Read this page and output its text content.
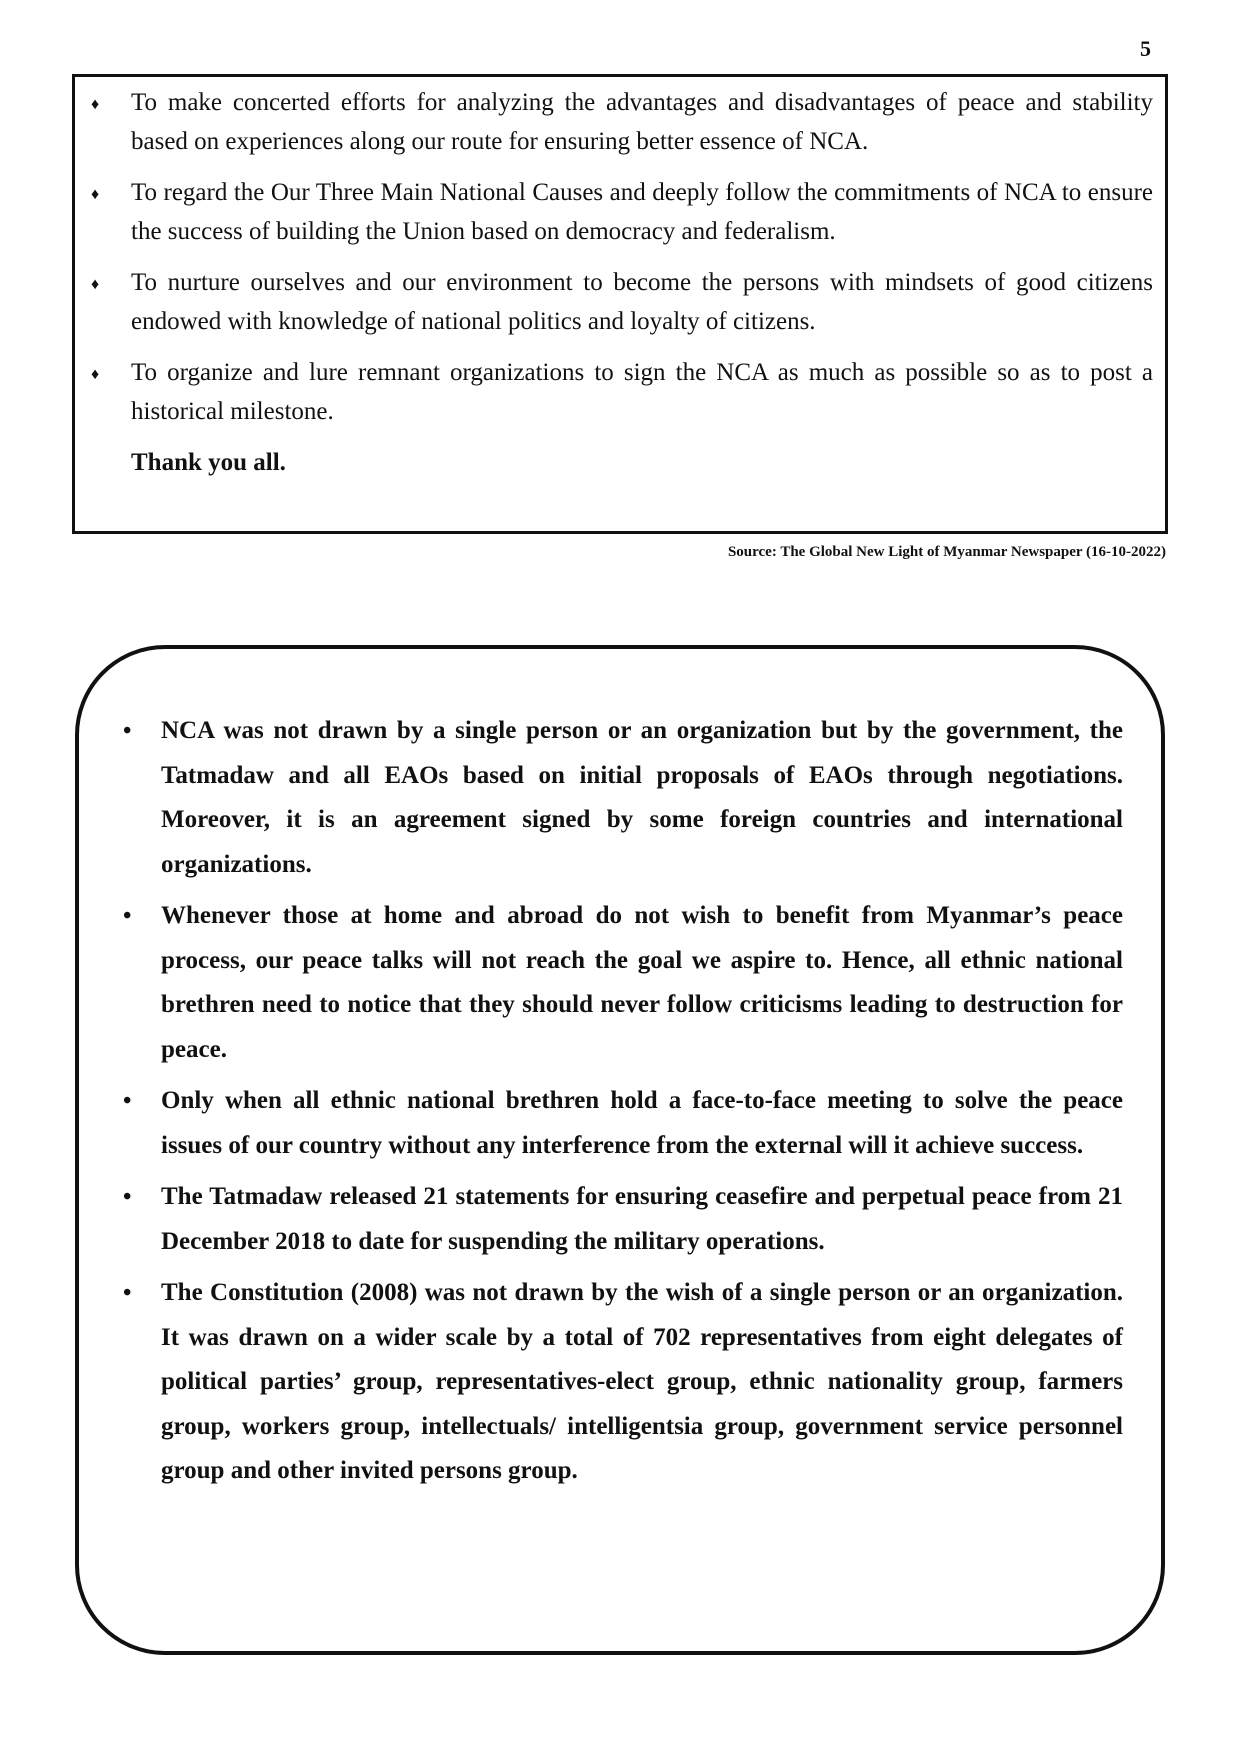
5
♦ To make concerted efforts for analyzing the advantages and disadvantages of peace and stability based on experiences along our route for ensuring better essence of NCA.
♦ To regard the Our Three Main National Causes and deeply follow the commitments of NCA to ensure the success of building the Union based on democracy and federalism.
♦ To nurture ourselves and our environment to become the persons with mindsets of good citizens endowed with knowledge of national politics and loyalty of citizens.
♦ To organize and lure remnant organizations to sign the NCA as much as possible so as to post a historical milestone.
Thank you all.
Source: The Global New Light of Myanmar Newspaper (16-10-2022)
• NCA was not drawn by a single person or an organization but by the government, the Tatmadaw and all EAOs based on initial proposals of EAOs through negotiations. Moreover, it is an agreement signed by some foreign countries and international organizations.
• Whenever those at home and abroad do not wish to benefit from Myanmar’s peace process, our peace talks will not reach the goal we aspire to. Hence, all ethnic national brethren need to notice that they should never follow criticisms leading to destruction for peace.
• Only when all ethnic national brethren hold a face-to-face meeting to solve the peace issues of our country without any interference from the external will it achieve success.
• The Tatmadaw released 21 statements for ensuring ceasefire and perpetual peace from 21 December 2018 to date for suspending the military operations.
• The Constitution (2008) was not drawn by the wish of a single person or an organization. It was drawn on a wider scale by a total of 702 representatives from eight delegates of political parties’ group, representatives-elect group, ethnic nationality group, farmers group, workers group, intellectuals/ intelligentsia group, government service personnel group and other invited persons group.
